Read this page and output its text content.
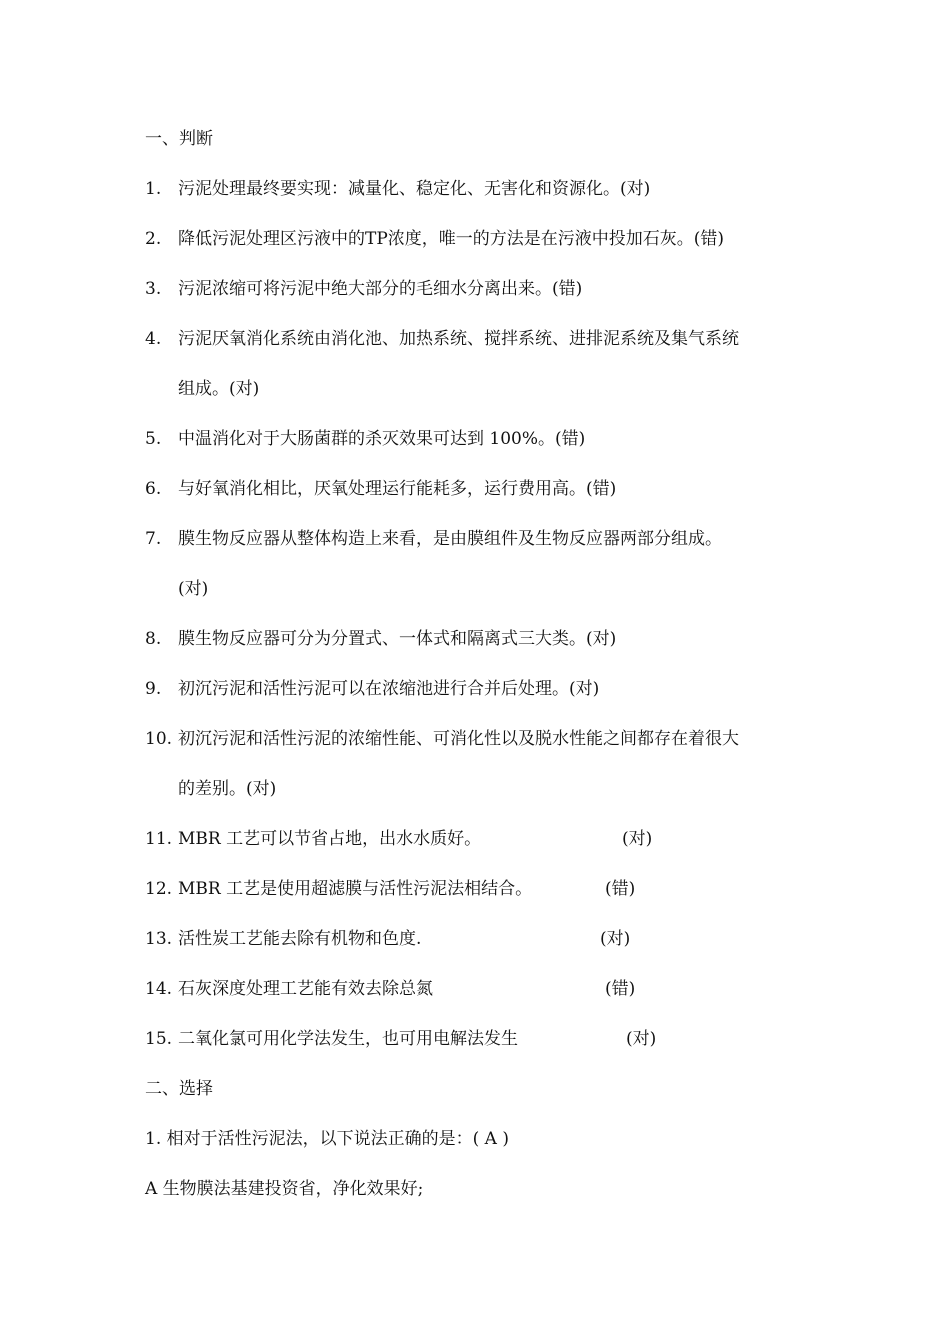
一、判断
1. 污泥处理最终要实现：减量化、稳定化、无害化和资源化。(对)
2. 降低污泥处理区污液中的TP浓度，唯一的方法是在污液中投加石灰。(错)
3. 污泥浓缩可将污泥中绝大部分的毛细水分离出来。(错)
4. 污泥厌氧消化系统由消化池、加热系统、搅拌系统、进排泥系统及集气系统
组成。(对)
5. 中温消化对于大肠菌群的杀灭效果可达到 100%。(错)
6. 与好氧消化相比，厌氧处理运行能耗多，运行费用高。(错)
7. 膜生物反应器从整体构造上来看，是由膜组件及生物反应器两部分组成。
(对)
8. 膜生物反应器可分为分置式、一体式和隔离式三大类。(对)
9. 初沉污泥和活性污泥可以在浓缩池进行合并后处理。(对)
10. 初沉污泥和活性污泥的浓缩性能、可消化性以及脱水性能之间都存在着很大
的差别。(对)
11. MBR 工艺可以节省占地，出水水质好。	(对)
12. MBR 工艺是使用超滤膜与活性污泥法相结合。	(错)
13. 活性炭工艺能去除有机物和色度.	(对)
14. 石灰深度处理工艺能有效去除总氮	(错)
15. 二氧化氯可用化学法发生，也可用电解法发生	(对)
二、选择
1. 相对于活性污泥法，以下说法正确的是：( A )
A 生物膜法基建投资省，净化效果好;
